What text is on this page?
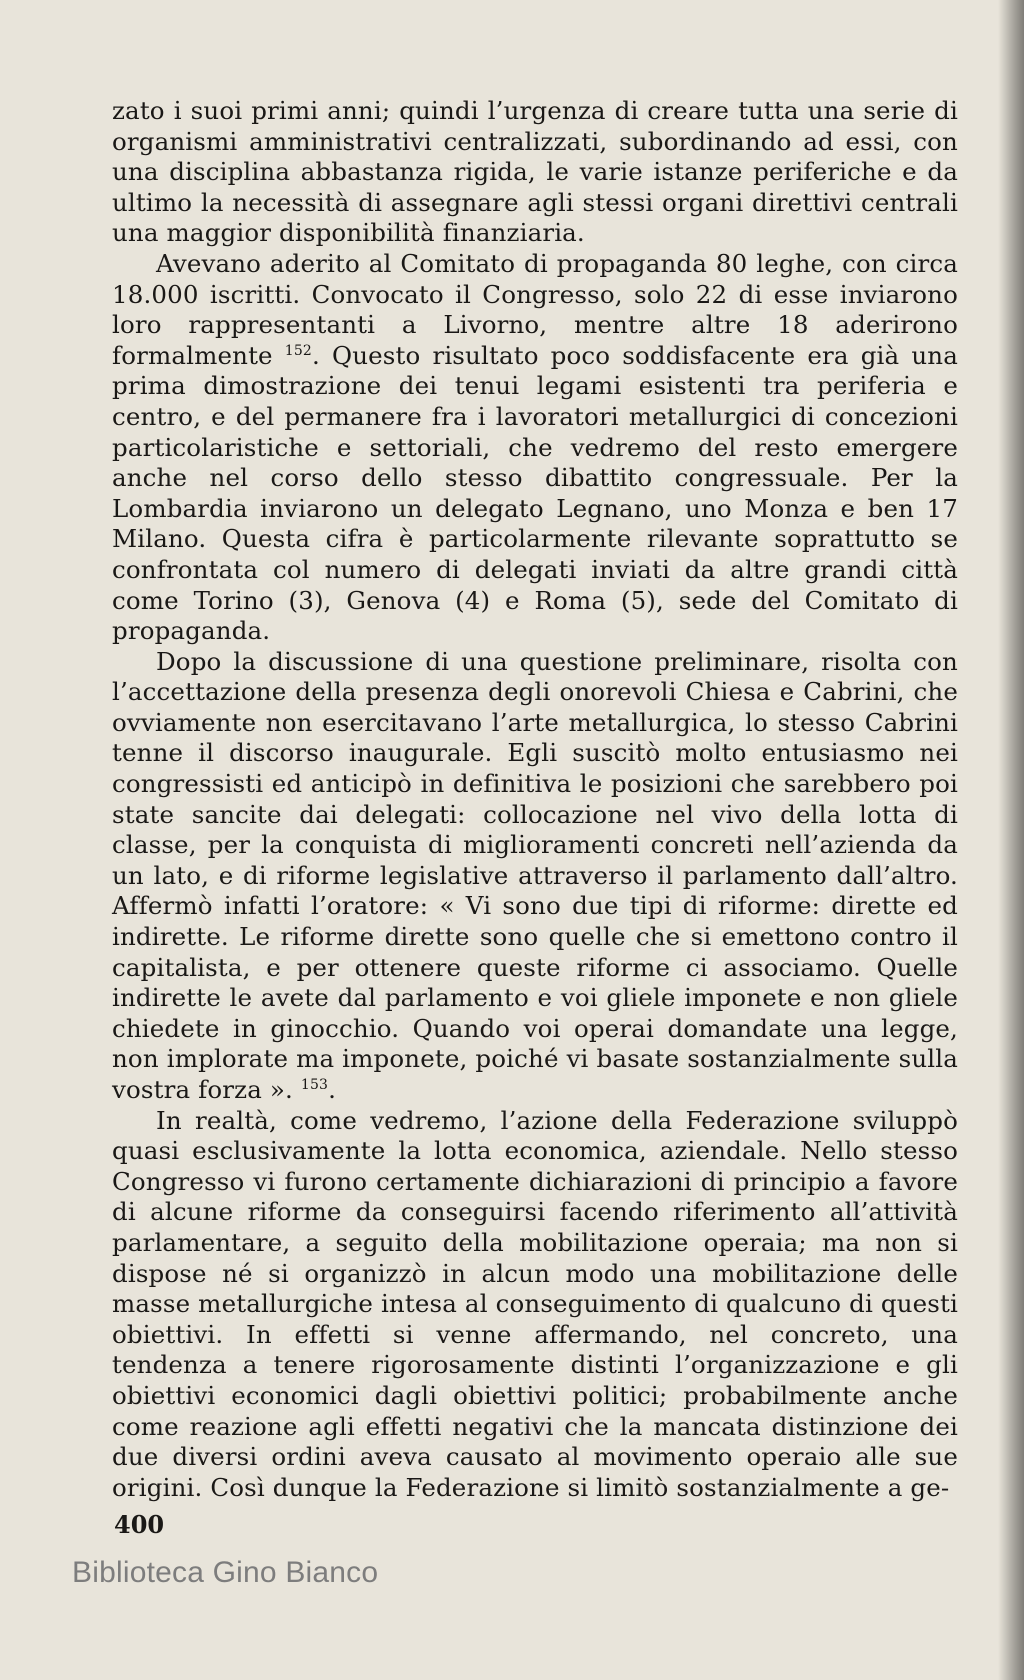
zato i suoi primi anni; quindi l’urgenza di creare tutta una serie di organismi amministrativi centralizzati, subordinando ad essi, con una disciplina abbastanza rigida, le varie istanze periferiche e da ultimo la necessità di assegnare agli stessi organi direttivi centrali una maggior disponibilità finanziaria.

Avevano aderito al Comitato di propaganda 80 leghe, con circa 18.000 iscritti. Convocato il Congresso, solo 22 di esse inviarono loro rappresentanti a Livorno, mentre altre 18 aderirono formalmente $^{152}$. Questo risultato poco soddisfacente era già una prima dimostrazione dei tenui legami esistenti tra periferia e centro, e del permanere fra i lavoratori metallurgici di concezioni particolaristiche e settoriali, che vedremo del resto emergere anche nel corso dello stesso dibattito congressuale. Per la Lombardia inviarono un delegato Legnano, uno Monza e ben 17 Milano. Questa cifra è particolarmente rilevante soprattutto se confrontata col numero di delegati inviati da altre grandi città come Torino (3), Genova (4) e Roma (5), sede del Comitato di propaganda.

Dopo la discussione di una questione preliminare, risolta con l’accettazione della presenza degli onorevoli Chiesa e Cabrini, che ovviamente non esercitavano l’arte metallurgica, lo stesso Cabrini tenne il discorso inaugurale. Egli suscitò molto entusiasmo nei congressisti ed anticipò in definitiva le posizioni che sarebbero poi state sancite dai delegati: collocazione nel vivo della lotta di classe, per la conquista di miglioramenti concreti nell’azienda da un lato, e di riforme legislative attraverso il parlamento dall’altro. Affermò infatti l’oratore: « Vi sono due tipi di riforme: dirette ed indirette. Le riforme dirette sono quelle che si emettono contro il capitalista, e per ottenere queste riforme ci associamo. Quelle indirette le avete dal parlamento e voi gliele imponete e non gliele chiedete in ginocchio. Quando voi operai domandate una legge, non implorate ma imponete, poiché vi basate sostanzialmente sulla vostra forza ». $^{153}$.

In realtà, come vedremo, l’azione della Federazione sviluppò quasi esclusivamente la lotta economica, aziendale. Nello stesso Congresso vi furono certamente dichiarazioni di principio a favore di alcune riforme da conseguirsi facendo riferimento all’attività parlamentare, a seguito della mobilitazione operaia; ma non si dispose né si organizzò in alcun modo una mobilitazione delle masse metallurgiche intesa al conseguimento di qualcuno di questi obiettivi. In effetti si venne affermando, nel concreto, una tendenza a tenere rigorosamente distinti l’organizzazione e gli obiettivi economici dagli obiettivi politici; probabilmente anche come reazione agli effetti negativi che la mancata distinzione dei due diversi ordini aveva causato al movimento operaio alle sue origini. Così dunque la Federazione si limitò sostanzialmente a ge-

400
Biblioteca Gino Bianco
